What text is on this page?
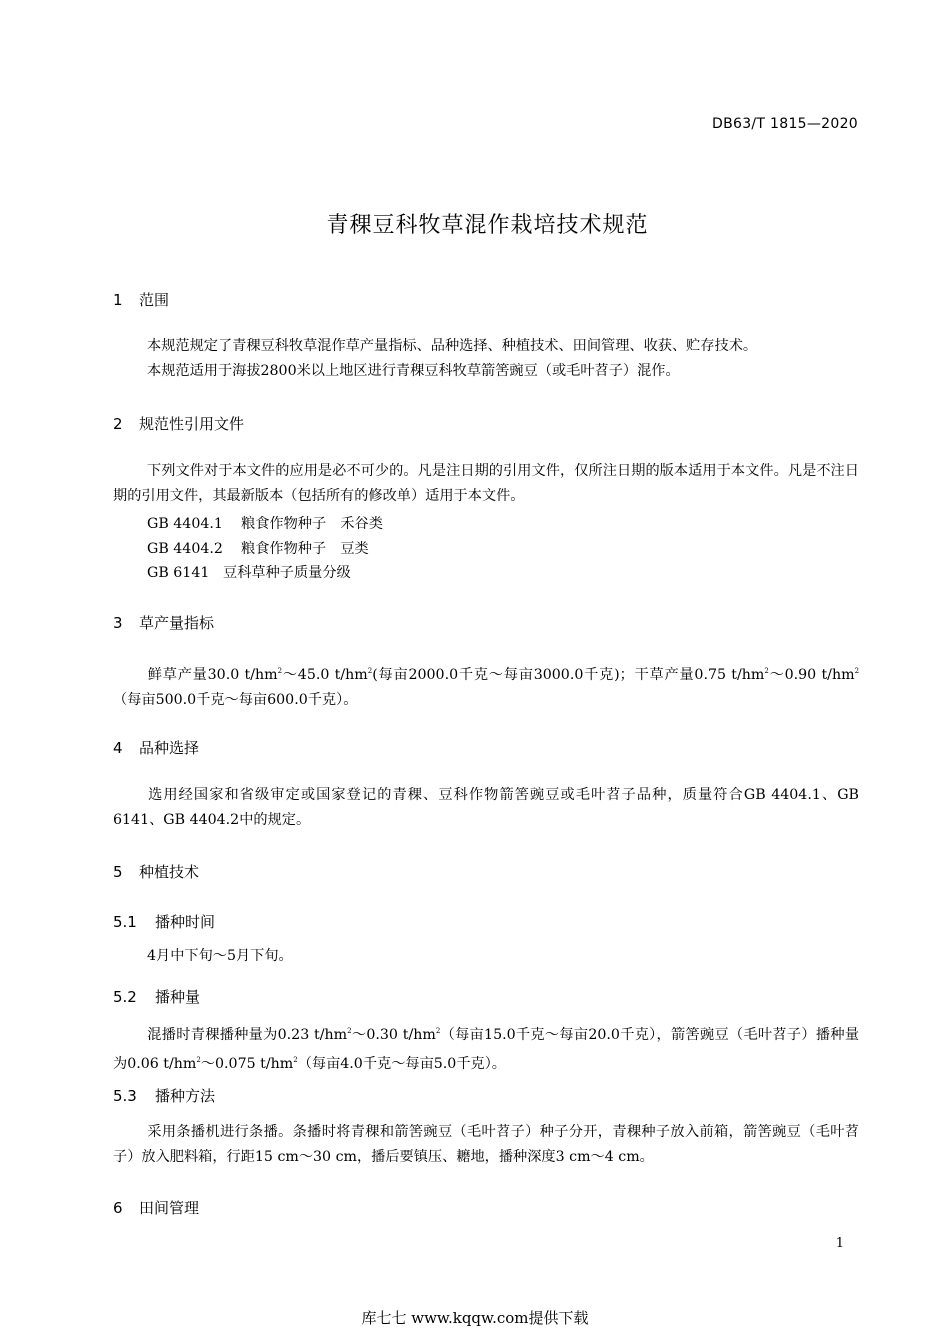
DB63/T 1815—2020
青稞豆科牧草混作栽培技术规范
1 范围
本规范规定了青稞豆科牧草混作草产量指标、品种选择、种植技术、田间管理、收获、贮存技术。
本规范适用于海拔2800米以上地区进行青稞豆科牧草箭筈豌豆（或毛叶苕子）混作。
2 规范性引用文件
下列文件对于本文件的应用是必不可少的。凡是注日期的引用文件，仅所注日期的版本适用于本文件。凡是不注日期的引用文件，其最新版本（包括所有的修改单）适用于本文件。
GB 4404.1 粮食作物种子　禾谷类
GB 4404.2 粮食作物种子　豆类
GB 6141 豆科草种子质量分级
3 草产量指标
鲜草产量30.0 $t/hm^2\sim 45.0$ $t/hm^2$(每亩2000.0千克～每亩3000.0千克)；干草产量0.75 $t/hm^2\sim 0.90$ $t/hm^2$（每亩500.0千克～每亩600.0千克）。
4 品种选择
选用经国家和省级审定或国家登记的青稞、豆科作物箭筈豌豆或毛叶苕子品种，质量符合GB 4404.1、GB 6141、GB 4404.2中的规定。
5 种植技术
5.1 播种时间
4月中下旬～5月下旬。
5.2 播种量
混播时青稞播种量为0.23 $t/hm^2\sim 0.30$ $t/hm^2$（每亩15.0千克～每亩20.0千克），箭筈豌豆（毛叶苕子）播种量为0.06 $t/hm^2\sim 0.075$ $t/hm^2$（每亩4.0千克～每亩5.0千克）。
5.3 播种方法
采用条播机进行条播。条播时将青稞和箭筈豌豆（毛叶苕子）种子分开，青稞种子放入前箱，箭筈豌豆（毛叶苕子）放入肥料箱，行距15 cm～30 cm，播后要镇压、耱地，播种深度3 cm～4 cm。
6 田间管理
1
库七七 www.kqqw.com提供下载
